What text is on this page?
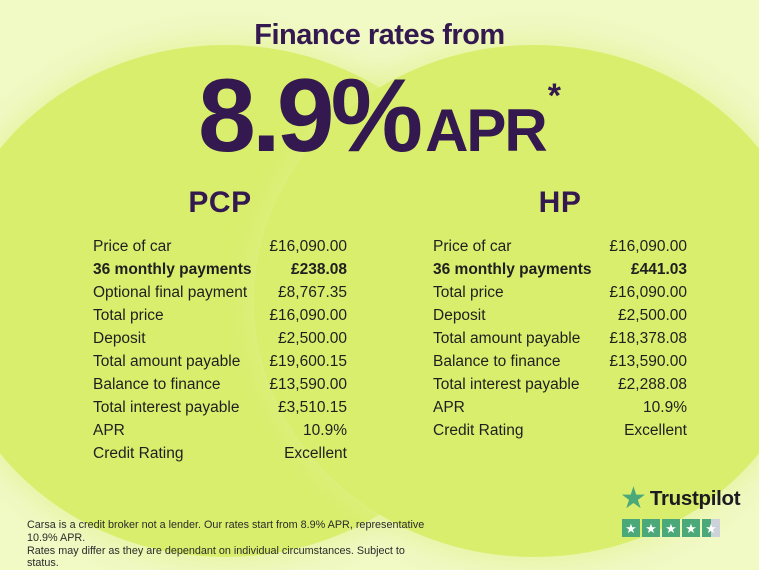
Finance rates from
8.9% APR
*
PCP
Price of car	£16,090.00
36 monthly payments	£238.08
Optional final payment £8,767.35
Total price	£16,090.00
Deposit	£2,500.00
Total amount payable £19,600.15
Balance to finance	£13,590.00
Total interest payable £3,510.15
APR	10.9%
Credit Rating	Excellent
HP
Price of car	£16,090.00
36 monthly payments	£441.03
Total price	£16,090.00
Deposit	£2,500.00
Total amount payable £18,378.08
Balance to finance	£13,590.00
Total interest payable £2,288.08
APR	10.9%
Credit Rating	Excellent
Carsa is a credit broker not a lender. Our rates start from 8.9% APR, representative 10.9% APR.
Rates may differ as they are dependant on individual circumstances. Subject to status.
★ Trustpilot
★ ★ ★ ★ ★
